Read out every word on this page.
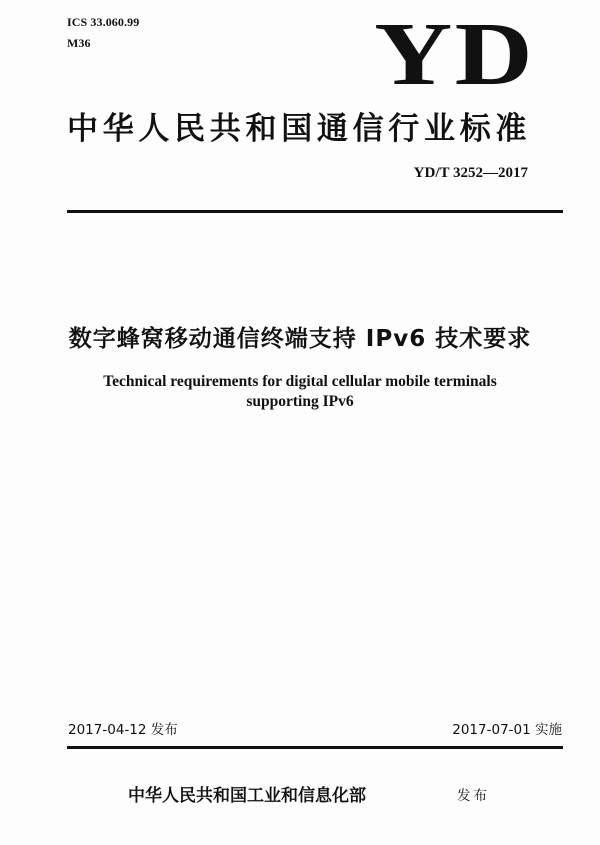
ICS 33.060.99
M36	YD
中华人民共和国通信行业标准
YD/T 3252—2017
数字蜂窝移动通信终端支持 IPv6 技术要求
Technical requirements for digital cellular mobile terminals
supporting IPv6
2017-04-12 发布	2017-07-01 实施
中华人民共和国工业和信息化部	发布
